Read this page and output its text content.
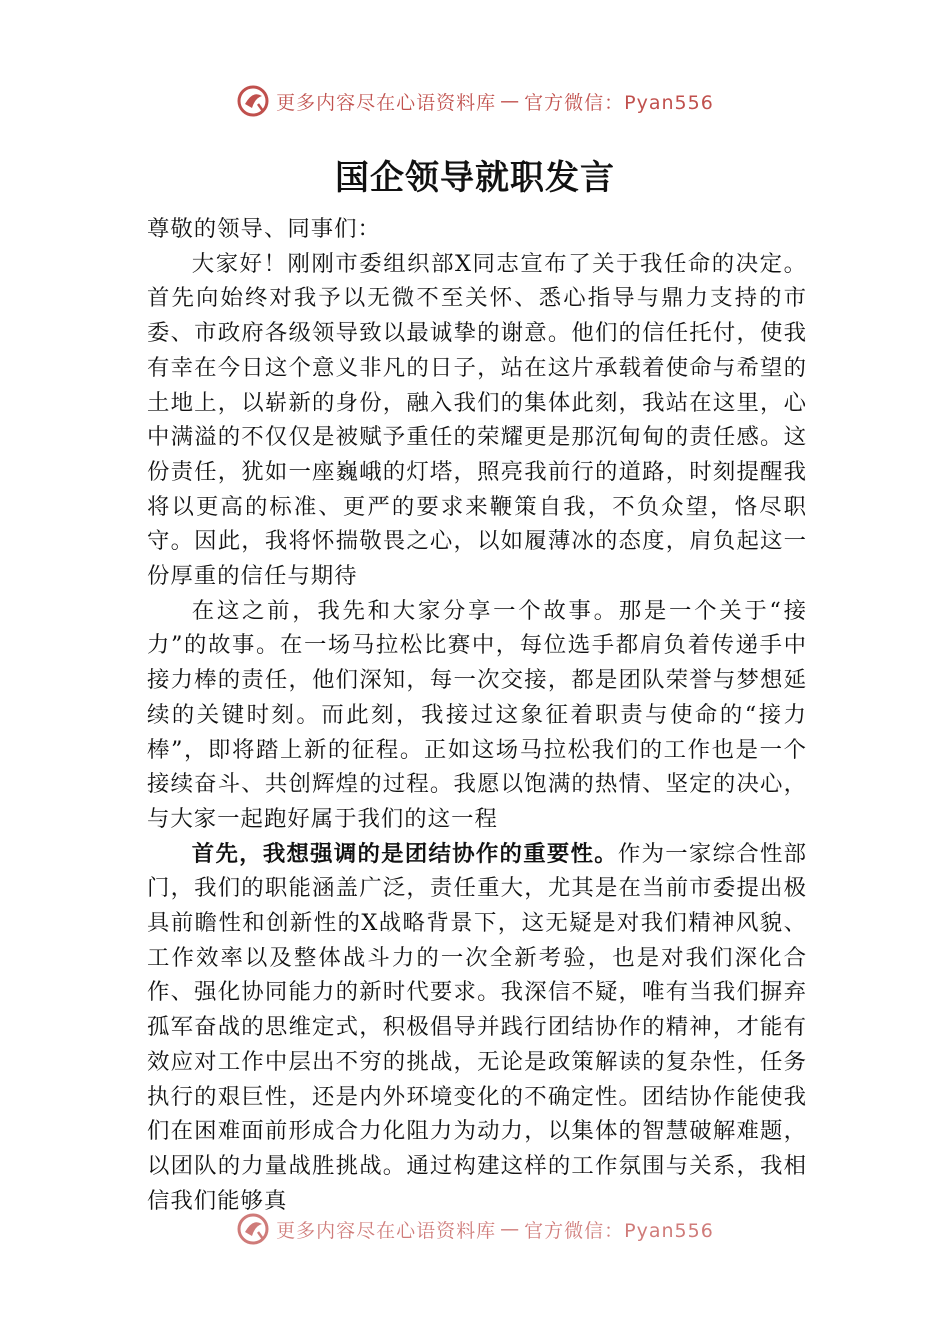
更多内容尽在心语资料库 — 官方微信：Pyan556
国企领导就职发言

尊敬的领导、同事们：

大家好！刚刚市委组织部X同志宣布了关于我任命的决定。首先向始终对我予以无微不至关怀、悉心指导与鼎力支持的市委、市政府各级领导致以最诚挚的谢意。他们的信任托付，使我有幸在今日这个意义非凡的日子，站在这片承载着使命与希望的土地上，以崭新的身份，融入我们的集体此刻，我站在这里，心中满溢的不仅仅是被赋予重任的荣耀更是那沉甸甸的责任感。这份责任，犹如一座巍峨的灯塔，照亮我前行的道路，时刻提醒我将以更高的标准、更严的要求来鞭策自我，不负众望，恪尽职守。因此，我将怀揣敬畏之心，以如履薄冰的态度，肩负起这一份厚重的信任与期待

在这之前，我先和大家分享一个故事。那是一个关于“接力”的故事。在一场马拉松比赛中，每位选手都肩负着传递手中接力棒的责任，他们深知，每一次交接，都是团队荣誉与梦想延续的关键时刻。而此刻，我接过这象征着职责与使命的“接力棒”，即将踏上新的征程。正如这场马拉松我们的工作也是一个接续奋斗、共创辉煌的过程。我愿以饱满的热情、坚定的决心，与大家一起跑好属于我们的这一程

首先，我想强调的是团结协作的重要性。作为一家综合性部门，我们的职能涵盖广泛，责任重大，尤其是在当前市委提出极具前瞻性和创新性的X战略背景下，这无疑是对我们精神风貌、工作效率以及整体战斗力的一次全新考验，也是对我们深化合作、强化协同能力的新时代要求。我深信不疑，唯有当我们摒弃孤军奋战的思维定式，积极倡导并践行团结协作的精神，才能有效应对工作中层出不穷的挑战，无论是政策解读的复杂性，任务执行的艰巨性，还是内外环境变化的不确定性。团结协作能使我们在困难面前形成合力化阻力为动力，以集体的智慧破解难题，以团队的力量战胜挑战。通过构建这样的工作氛围与关系，我相信我们能够真

更多内容尽在心语资料库 — 官方微信：Pyan556
